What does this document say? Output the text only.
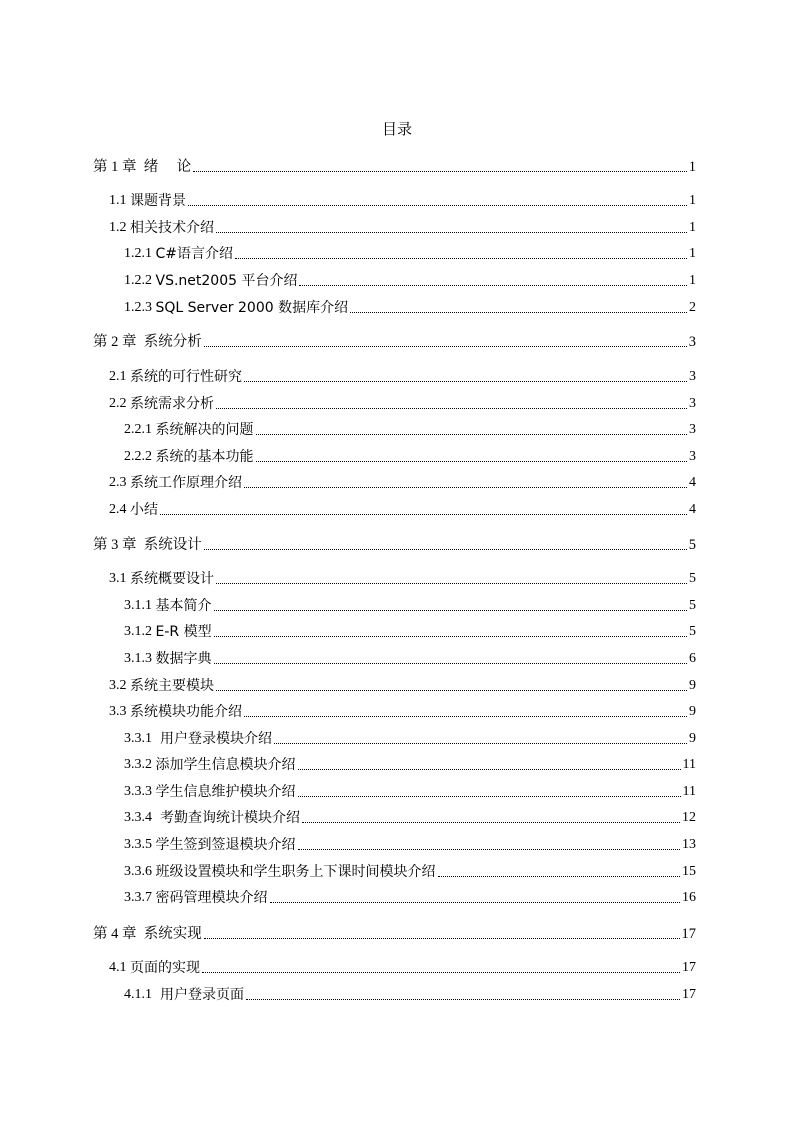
目录
第 1 章 绪    论	1
1.1 课题背景	1
1.2 相关技术介绍	1
1.2.1 C#语言介绍	1
1.2.2 VS.net2005 平台介绍	1
1.2.3 SQL Server 2000 数据库介绍	2
第 2 章 系统分析	3
2.1 系统的可行性研究	3
2.2 系统需求分析	3
2.2.1 系统解决的问题	3
2.2.2 系统的基本功能	3
2.3 系统工作原理介绍	4
2.4 小结	4
第 3 章 系统设计	5
3.1 系统概要设计	5
3.1.1 基本简介	5
3.1.2 E-R 模型	5
3.1.3 数据字典	6
3.2 系统主要模块	9
3.3 系统模块功能介绍	9
3.3.1 用户登录模块介绍	9
3.3.2 添加学生信息模块介绍	11
3.3.3 学生信息维护模块介绍	11
3.3.4 考勤查询统计模块介绍	12
3.3.5 学生签到签退模块介绍	13
3.3.6 班级设置模块和学生职务上下课时间模块介绍	15
3.3.7 密码管理模块介绍	16
第 4 章 系统实现	17
4.1 页面的实现	17
4.1.1 用户登录页面	17
